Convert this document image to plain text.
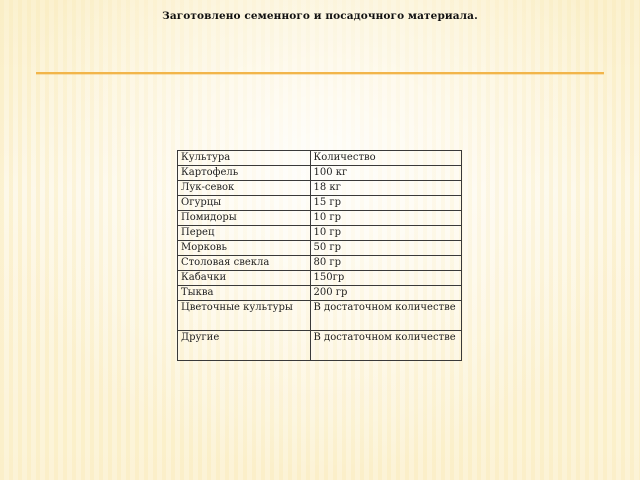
Заготовлено семенного и посадочного материала.
Культура	Количество
Картофель	100 кг
Лук-севок	18 кг
Огурцы	15 гр
Помидоры	10 гр
Перец	10 гр
Морковь	50 гр
Столовая свекла	80 гр
Кабачки	150гр
Тыква	200 гр
Цветочные культуры	В достаточном количестве
Другие	В достаточном количестве
